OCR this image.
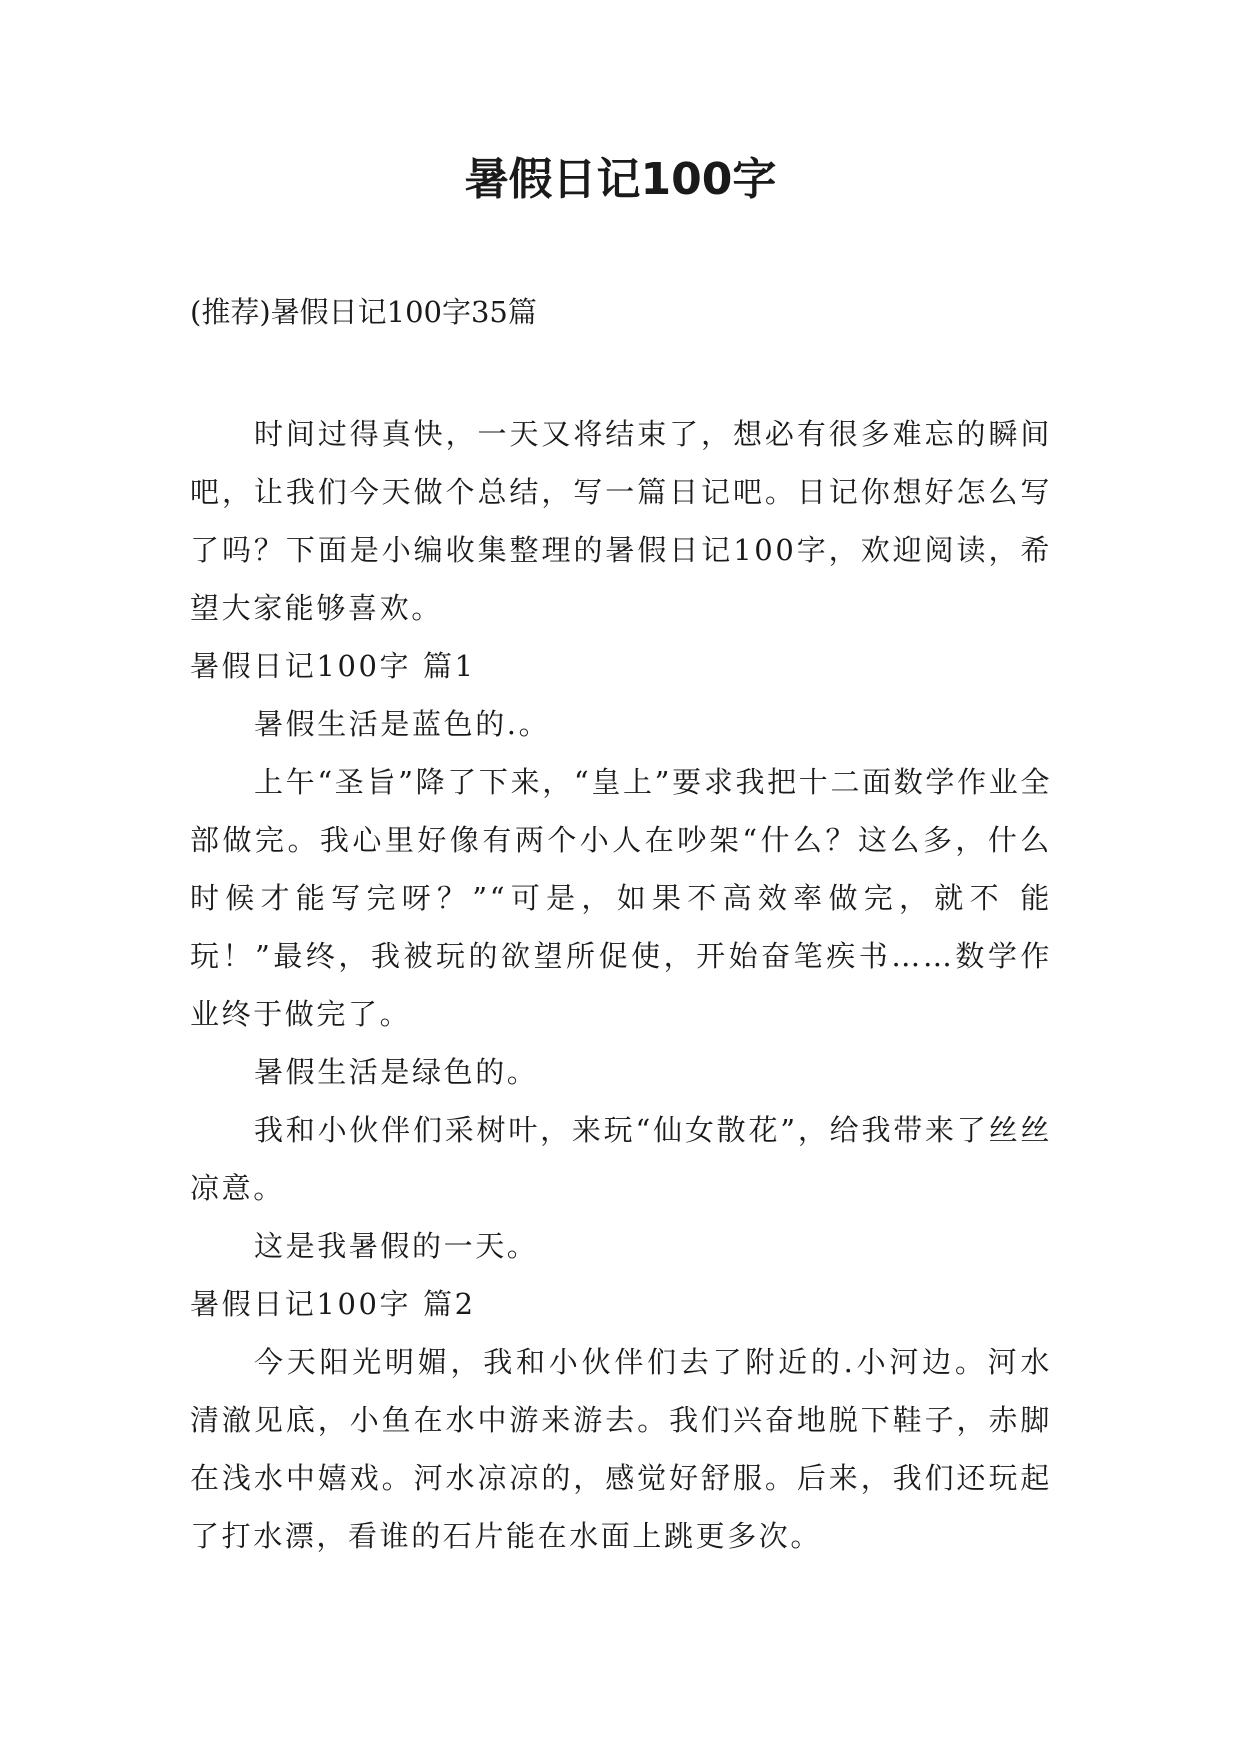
暑假日记100字

(推荐)暑假日记100字35篇

时间过得真快，一天又将结束了，想必有很多难忘的瞬间吧，让我们今天做个总结，写一篇日记吧。日记你想好怎么写了吗？下面是小编收集整理的暑假日记100字，欢迎阅读，希望大家能够喜欢。

暑假日记100字 篇1

暑假生活是蓝色的.。

上午“圣旨”降了下来，“皇上”要求我把十二面数学作业全部做完。我心里好像有两个小人在吵架“什么？这么多，什么时候才能写完呀？”“可是，如果不高效率做完，就不 能玩！”最终，我被玩的欲望所促使，开始奋笔疾书……数学作业终于做完了。

暑假生活是绿色的。

我和小伙伴们采树叶，来玩“仙女散花”，给我带来了丝丝凉意。

这是我暑假的一天。

暑假日记100字 篇2

今天阳光明媚，我和小伙伴们去了附近的.小河边。河水清澈见底，小鱼在水中游来游去。我们兴奋地脱下鞋子，赤脚在浅水中嬉戏。河水凉凉的，感觉好舒服。后来，我们还玩起了打水漂，看谁的石片能在水面上跳更多次。
